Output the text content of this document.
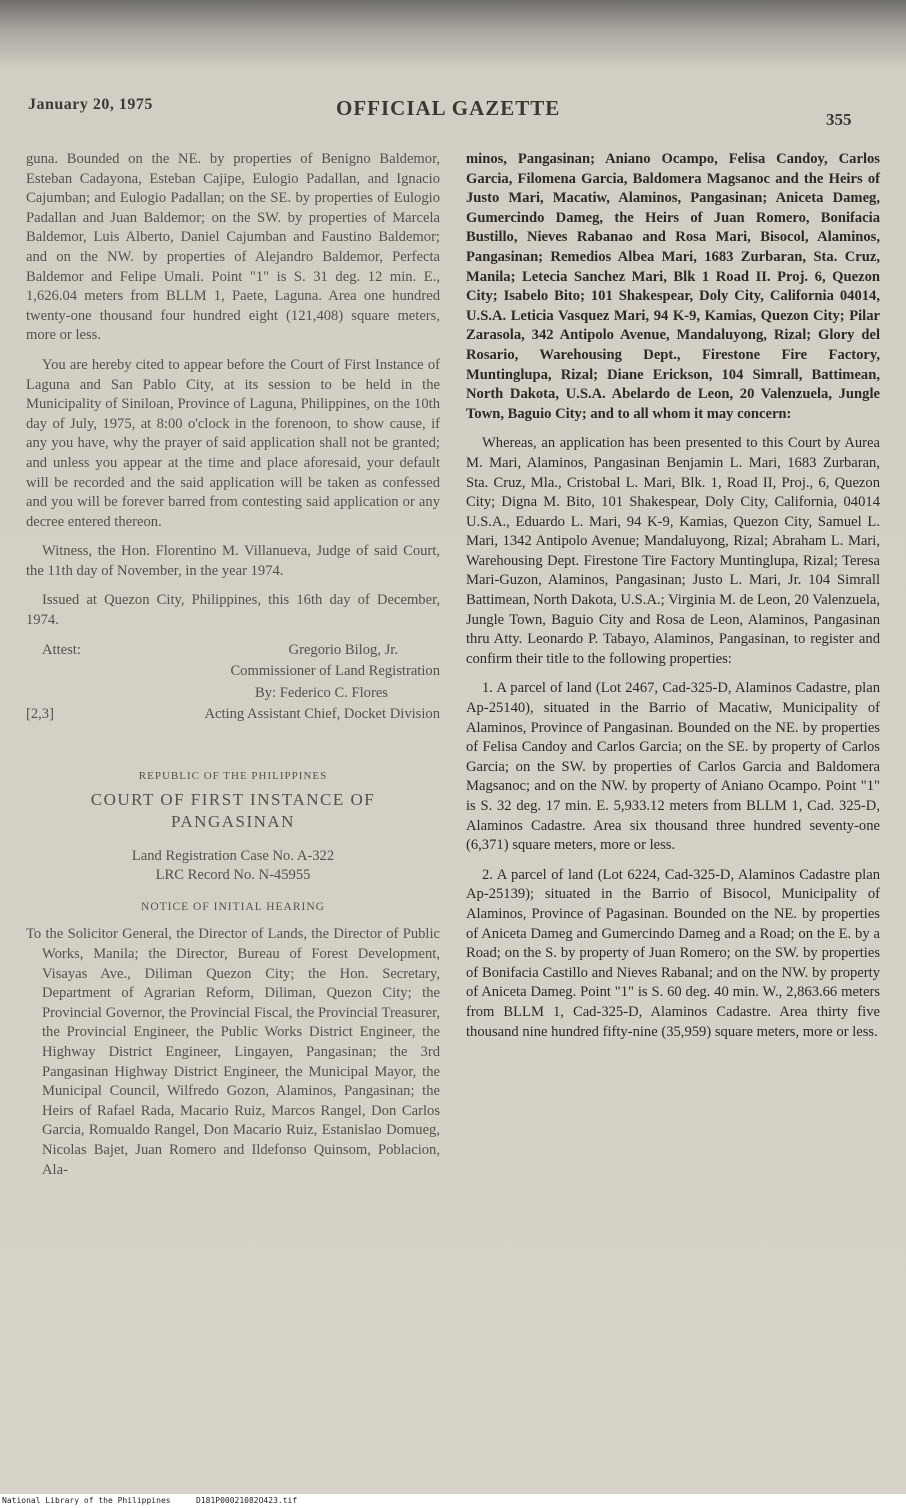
January 20, 1975	OFFICIAL GAZETTE	355

guna. Bounded on the NE. by properties of Benigno Baldemor, Esteban Cadayona, Esteban Cajipe, Eulogio Padallan, and Ignacio Cajumban; and Eulogio Padallan; on the SE. by properties of Eulogio Padallan and Juan Baldemor; on the SW. by properties of Marcela Baldemor, Luis Alberto, Daniel Cajumban and Faustino Baldemor; and on the NW. by properties of Alejandro Baldemor, Perfecta Baldemor and Felipe Umali. Point "1" is S. 31 deg. 12 min. E., 1,626.04 meters from BLLM 1, Paete, Laguna. Area one hundred twenty-one thousand four hundred eight (121,408) square meters, more or less.

You are hereby cited to appear before the Court of First Instance of Laguna and San Pablo City, at its session to be held in the Municipality of Siniloan, Province of Laguna, Philippines, on the 10th day of July, 1975, at 8:00 o'clock in the forenoon, to show cause, if any you have, why the prayer of said application shall not be granted; and unless you appear at the time and place aforesaid, your default will be recorded and the said application will be taken as confessed and you will be forever barred from contesting said application or any decree entered thereon.

Witness, the Hon. Florentino M. Villanueva, Judge of said Court, the 11th day of November, in the year 1974.

Issued at Quezon City, Philippines, this 16th day of December, 1974.

Attest:	Gregorio Bilog, Jr.
Commissioner of Land Registration
By: Federico C. Flores
[2,3]	Acting Assistant Chief, Docket Division
REPUBLIC OF THE PHILIPPINES
COURT OF FIRST INSTANCE OF PANGASINAN
Land Registration Case No. A-322
LRC Record No. N-45955
NOTICE OF INITIAL HEARING

To the Solicitor General, the Director of Lands, the Director of Public Works, Manila; the Director, Bureau of Forest Development, Visayas Ave., Diliman Quezon City; the Hon. Secretary, Department of Agrarian Reform, Diliman, Quezon City; the Provincial Governor, the Provincial Fiscal, the Provincial Treasurer, the Provincial Engineer, the Public Works District Engineer, the Highway District Engineer, Lingayen, Pangasinan; the 3rd Pangasinan Highway District Engineer, the Municipal Mayor, the Municipal Council, Wilfredo Gozon, Alaminos, Pangasinan; the Heirs of Rafael Rada, Macario Ruiz, Marcos Rangel, Don Carlos Garcia, Romualdo Rangel, Don Macario Ruiz, Estanislao Domueg, Nicolas Bajet, Juan Romero and Ildefonso Quinsom, Poblacion, Ala-

minos, Pangasinan; Aniano Ocampo, Felisa Candoy, Carlos Garcia, Filomena Garcia, Baldomera Magsanoc and the Heirs of Justo Mari, Macatiw, Alaminos, Pangasinan; Aniceta Dameg, Gumercindo Dameg, the Heirs of Juan Romero, Bonifacia Bustillo, Nieves Rabanao and Rosa Mari, Bisocol, Alaminos, Pangasinan; Remedios Albea Mari, 1683 Zurbaran, Sta. Cruz, Manila; Letecia Sanchez Mari, Blk 1 Road II. Proj. 6, Quezon City; Isabelo Bito; 101 Shakespear, Doly City, California 04014, U.S.A. Leticia Vasquez Mari, 94 K-9, Kamias, Quezon City; Pilar Zarasola, 342 Antipolo Avenue, Mandaluyong, Rizal; Glory del Rosario, Warehousing Dept., Firestone Fire Factory, Muntinglupa, Rizal; Diane Erickson, 104 Simrall, Battimean, North Dakota, U.S.A. Abelardo de Leon, 20 Valenzuela, Jungle Town, Baguio City; and to all whom it may concern:

Whereas, an application has been presented to this Court by Aurea M. Mari, Alaminos, Pangasinan Benjamin L. Mari, 1683 Zurbaran, Sta. Cruz, Mla., Cristobal L. Mari, Blk. 1, Road II, Proj., 6, Quezon City; Digna M. Bito, 101 Shakespear, Doly City, California, 04014 U.S.A., Eduardo L. Mari, 94 K-9, Kamias, Quezon City, Samuel L. Mari, 1342 Antipolo Avenue; Mandaluyong, Rizal; Abraham L. Mari, Warehousing Dept. Firestone Tire Factory Muntinglupa, Rizal; Teresa Mari-Guzon, Alaminos, Pangasinan; Justo L. Mari, Jr. 104 Simrall Battimean, North Dakota, U.S.A.; Virginia M. de Leon, 20 Valenzuela, Jungle Town, Baguio City and Rosa de Leon, Alaminos, Pangasinan thru Atty. Leonardo P. Tabayo, Alaminos, Pangasinan, to register and confirm their title to the following properties:

1. A parcel of land (Lot 2467, Cad-325-D, Alaminos Cadastre, plan Ap-25140), situated in the Barrio of Macatiw, Municipality of Alaminos, Province of Pangasinan. Bounded on the NE. by properties of Felisa Candoy and Carlos Garcia; on the SE. by property of Carlos Garcia; on the SW. by properties of Carlos Garcia and Baldomera Magsanoc; and on the NW. by property of Aniano Ocampo. Point "1" is S. 32 deg. 17 min. E. 5,933.12 meters from BLLM 1, Cad. 325-D, Alaminos Cadastre. Area six thousand three hundred seventy-one (6,371) square meters, more or less.

2. A parcel of land (Lot 6224, Cad-325-D, Alaminos Cadastre plan Ap-25139); situated in the Barrio of Bisocol, Municipality of Alaminos, Province of Pagasinan. Bounded on the NE. by properties of Aniceta Dameg and Gumercindo Dameg and a Road; on the E. by a Road; on the S. by property of Juan Romero; on the SW. by properties of Bonifacia Castillo and Nieves Rabanal; and on the NW. by property of Aniceta Dameg. Point "1" is S. 60 deg. 40 min. W., 2,863.66 meters from BLLM 1, Cad-325-D, Alaminos Cadastre. Area thirty five thousand nine hundred fifty-nine (35,959) square meters, more or less.

National Library of the Philippines	D181P00021082O423.tif
